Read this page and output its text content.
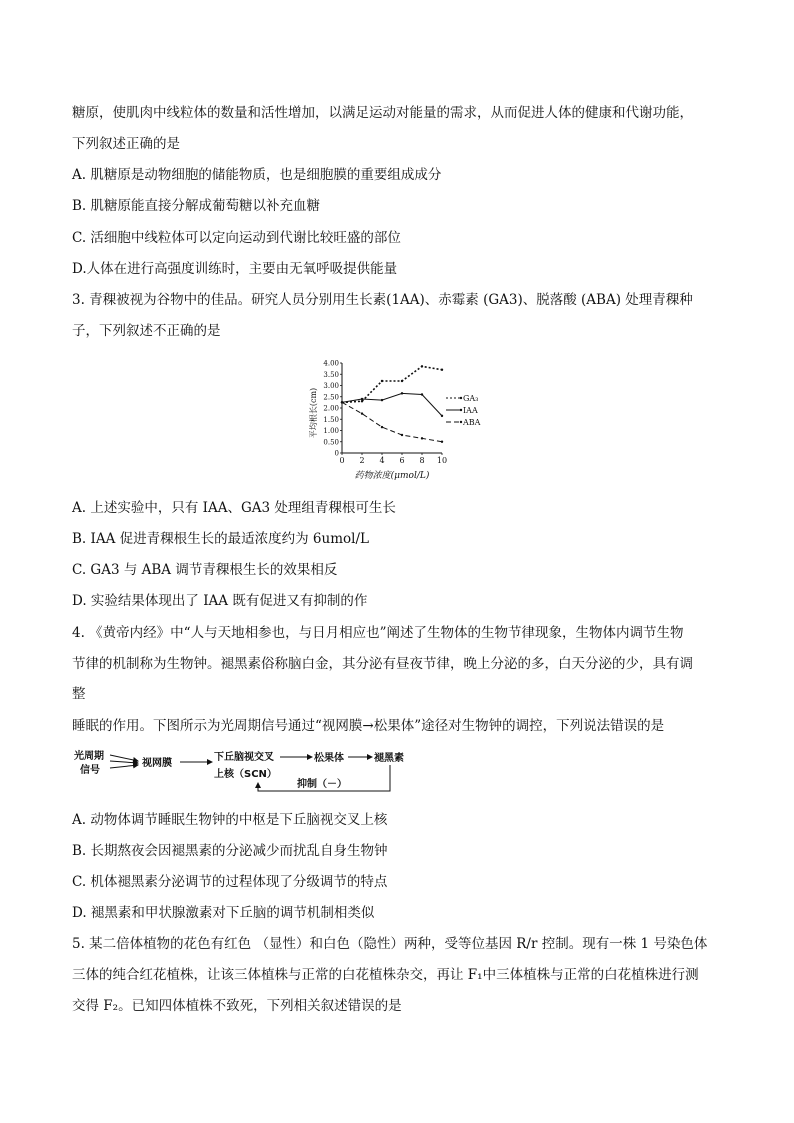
糖原，使肌肉中线粒体的数量和活性增加，以满足运动对能量的需求，从而促进人体的健康和代谢功能，
下列叙述正确的是
A. 肌糖原是动物细胞的储能物质，也是细胞膜的重要组成成分
B. 肌糖原能直接分解成葡萄糖以补充血糖
C. 活细胞中线粒体可以定向运动到代谢比较旺盛的部位
D.人体在进行高强度训练时，主要由无氧呼吸提供能量
3. 青稞被视为谷物中的佳品。研究人员分别用生长素(1AA)、赤霉素 (GA3)、脱落酸 (ABA) 处理青稞种
子，下列叙述不正确的是
0
0.50
1.00
1.50
2.00
2.50
3.00
3.50
4.00
0 2 4 6 8 10
GA₃
IAA
ABA
平均根长(cm)
药物浓度(μmol/L)
A. 上述实验中，只有 IAA、GA3 处理组青稞根可生长
B. IAA 促进青稞根生长的最适浓度约为 6umol/L
C. GA3 与 ABA 调节青稞根生长的效果相反
D. 实验结果体现出了 IAA 既有促进又有抑制的作
4. 《黄帝内经》中“人与天地相参也，与日月相应也”阐述了生物体的生物节律现象，生物体内调节生物
节律的机制称为生物钟。褪黑素俗称脑白金，其分泌有昼夜节律，晚上分泌的多，白天分泌的少，具有调
整
睡眠的作用。下图所示为光周期信号通过“视网膜→松果体”途径对生物钟的调控，下列说法错误的是
光周期
信号
视网膜
下丘脑视交叉
上核（SCN）
松果体	褪黑素
抑制（－）
A. 动物体调节睡眠生物钟的中枢是下丘脑视交叉上核
B. 长期熬夜会因褪黑素的分泌减少而扰乱自身生物钟
C. 机体褪黑素分泌调节的过程体现了分级调节的特点
D. 褪黑素和甲状腺激素对下丘脑的调节机制相类似
5. 某二倍体植物的花色有红色 （显性）和白色（隐性）两种，受等位基因 R/r 控制。现有一株 1 号染色体
三体的纯合红花植株，让该三体植株与正常的白花植株杂交，再让 F₁中三体植株与正常的白花植株进行测
交得 F₂。已知四体植株不致死，下列相关叙述错误的是
